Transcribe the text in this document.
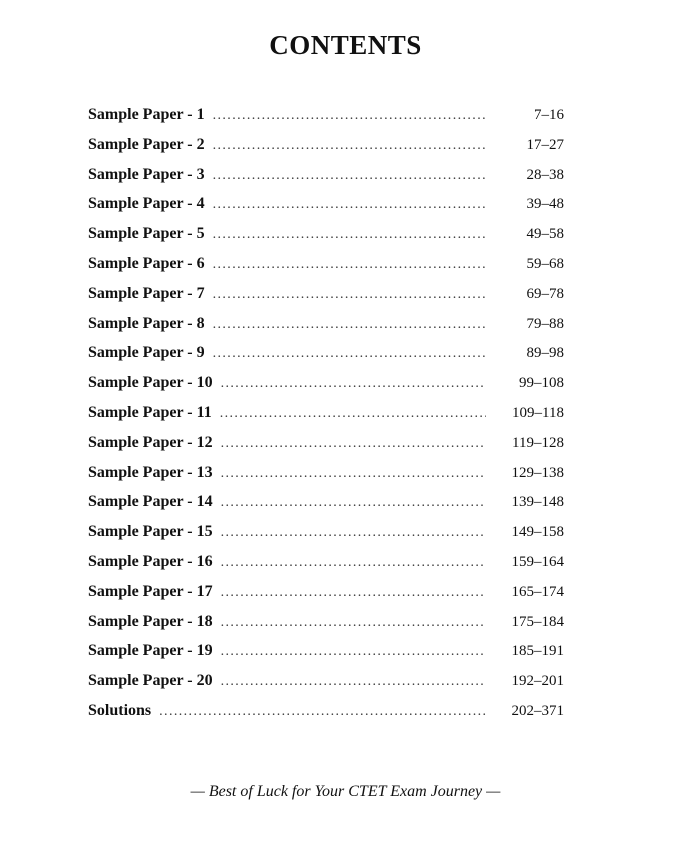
CONTENTS
Sample Paper - 1 . . .	7–16
Sample Paper - 2 . . .	17–27
Sample Paper - 3 . . .	28–38
Sample Paper - 4 . . .	39–48
Sample Paper - 5 . . .	49–58
Sample Paper - 6 . . .	59–68
Sample Paper - 7 . . .	69–78
Sample Paper - 8 . . .	79–88
Sample Paper - 9 . . .	89–98
Sample Paper - 10 . . .	99–108
Sample Paper - 11 . . .	109–118
Sample Paper - 12 . . .	119–128
Sample Paper - 13 . . .	129–138
Sample Paper - 14 . . .	139–148
Sample Paper - 15 . . .	149–158
Sample Paper - 16 . . .	159–164
Sample Paper - 17 . . .	165–174
Sample Paper - 18 . . .	175–184
Sample Paper - 19 . . .	185–191
Sample Paper - 20 . . .	192–201
Solutions . . .	202–371

— Best of Luck for Your CTET Exam Journey —
